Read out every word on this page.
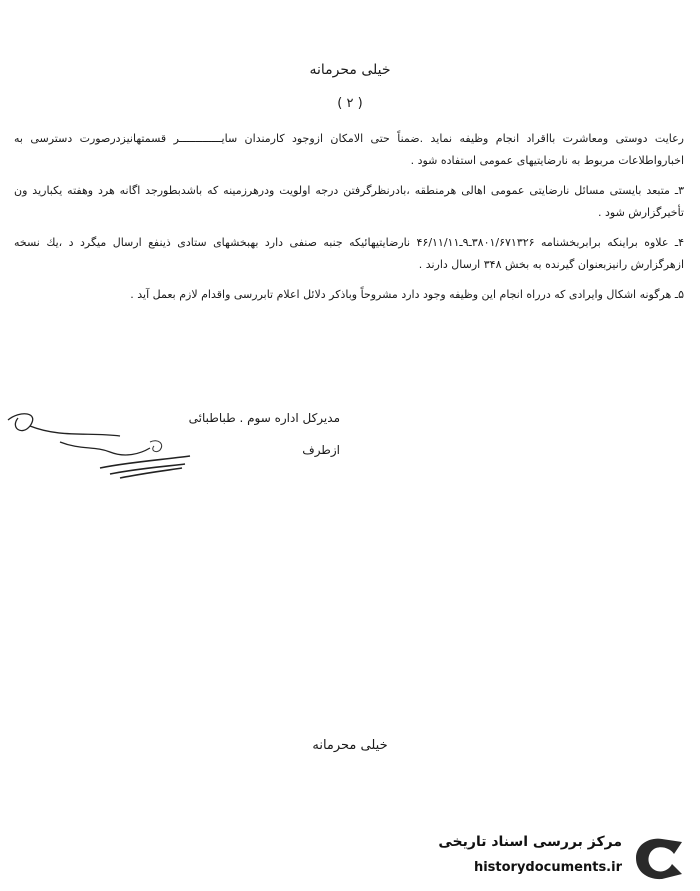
خیلی محرمانه
( ۲ )

رعایت دوستی ومعاشرت بااقراد انجام وظیفه نماید .ضمناً حتی الامکان ازوجود کارمندان سایـــــــــــــر قسمتهانیزدرصورت دسترسی به اخبارواطلاعات مربوط به نارضایتیهای عمومی استفاده شود .

۳ـ متبعد بایستی مسائل نارضایتی عمومی اهالی هرمنطقه ،بادرنظرگرفتن درجه اولویت ودرهرزمینه که باشدبطورجد اگانه هرد وهفته یکبارید ون تأخیرگزارش شود .

۴ـ علاوه براینکه برابربخشنامه ۳۸۰۱/۶۷۱۳۲۶ـ۹ـ۴۶/۱۱/۱۱ نارضایتیهائیکه جنبه صنفی دارد بهبخشهای ستادی ذینفع ارسال میگرد د ،یك نسخه ازهرگزارش رانیزبعنوان گیرنده به بخش ۳۴۸ ارسال دارند .

۵ـ هرگونه اشکال وایرادی که درراه انجام این وظیفه وجود دارد مشروحاً وباذکر دلائل اعلام تابررسی واقدام لازم بعمل آید .

مدیرکل اداره سوم . طباطبائی
ازطرف
خیلی محرمانه
مرکز بررسی اسناد تاریخی
historydocuments.ir
